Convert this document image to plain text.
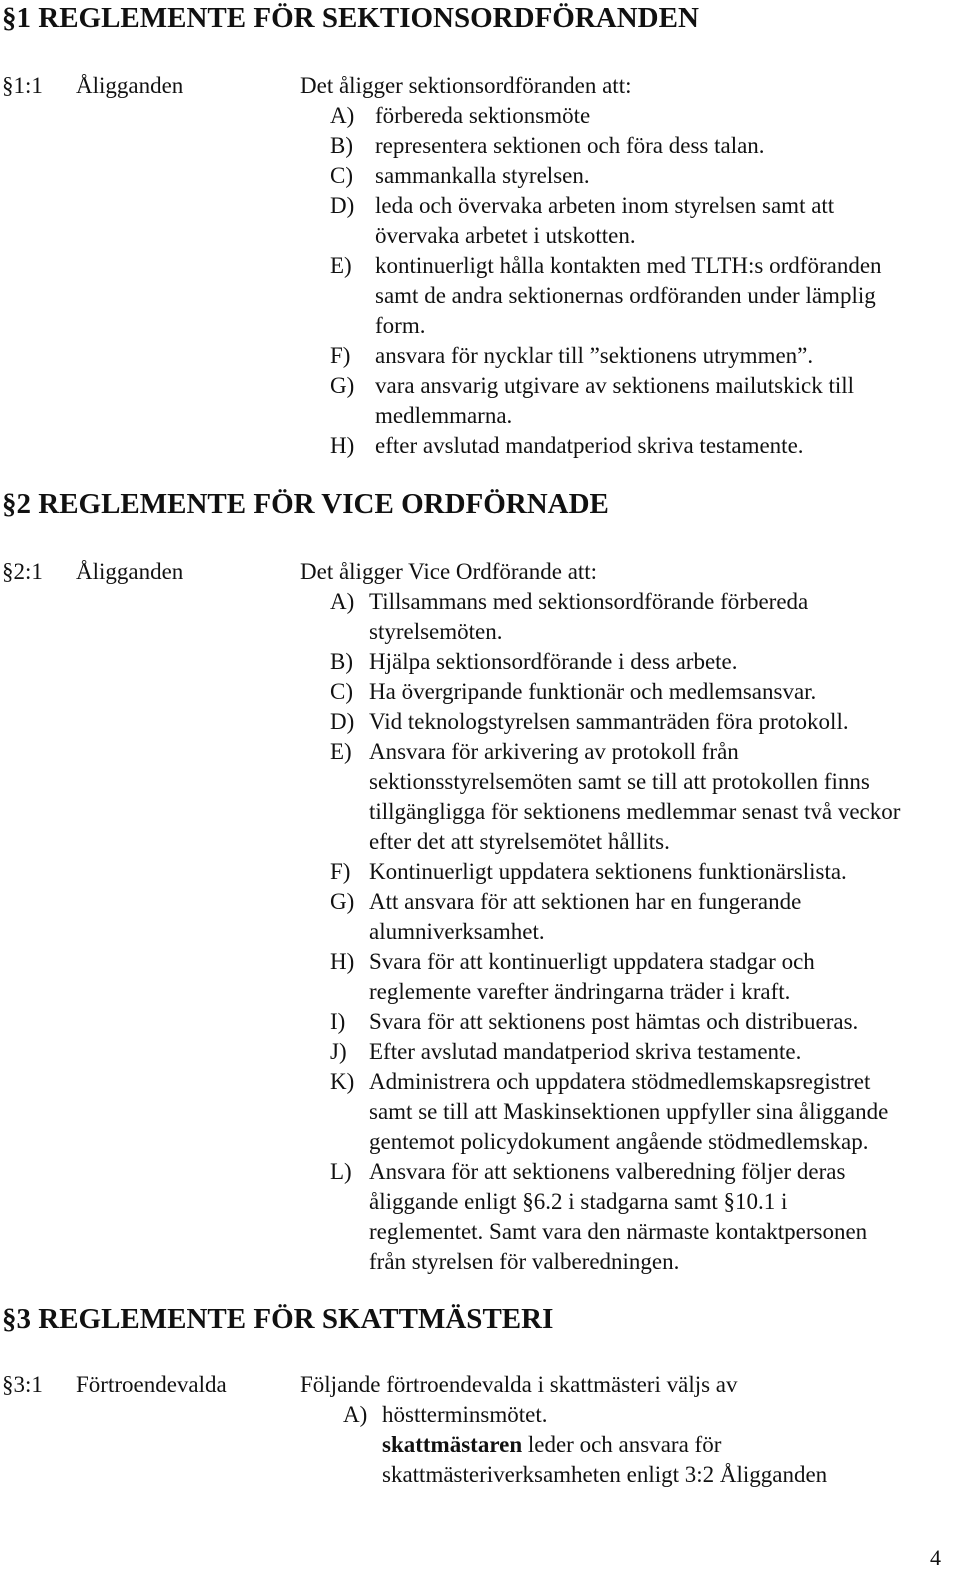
§1 REGLEMENTE FÖR SEKTIONSORDFÖRANDEN
§1:1 Åligganden	Det åligger sektionsordföranden att:
A) förbereda sektionsmöte
B) representera sektionen och föra dess talan.
C) sammankalla styrelsen.
D) leda och övervaka arbeten inom styrelsen samt att
övervaka arbetet i utskotten.
E) kontinuerligt hålla kontakten med TLTH:s ordföranden
samt de andra sektionernas ordföranden under lämplig
form.
F) ansvara för nycklar till ”sektionens utrymmen”.
G) vara ansvarig utgivare av sektionens mailutskick till
medlemmarna.
H) efter avslutad mandatperiod skriva testamente.
§2 REGLEMENTE FÖR VICE ORDFÖRNADE
§2:1 Åligganden	Det åligger Vice Ordförande att:
A) Tillsammans med sektionsordförande förbereda
styrelsemöten.
B) Hjälpa sektionsordförande i dess arbete.
C) Ha övergripande funktionär och medlemsansvar.
D) Vid teknologstyrelsen sammanträden föra protokoll.
E) Ansvara för arkivering av protokoll från
sektionsstyrelsemöten samt se till att protokollen finns
tillgängligga för sektionens medlemmar senast två veckor
efter det att styrelsemötet hållits.
F) Kontinuerligt uppdatera sektionens funktionärslista.
G) Att ansvara för att sektionen har en fungerande
alumniverksamhet.
H) Svara för att kontinuerligt uppdatera stadgar och
reglemente varefter ändringarna träder i kraft.
I) Svara för att sektionens post hämtas och distribueras.
J) Efter avslutad mandatperiod skriva testamente.
K) Administrera och uppdatera stödmedlemskapsregistret
samt se till att Maskinsektionen uppfyller sina åliggande
gentemot policydokument angående stödmedlemskap.
L) Ansvara för att sektionens valberedning följer deras
åliggande enligt §6.2 i stadgarna samt §10.1 i
reglementet. Samt vara den närmaste kontaktpersonen
från styrelsen för valberedningen.
§3 REGLEMENTE FÖR SKATTMÄSTERI
§3:1 Förtroendevalda	Följande förtroendevalda i skattmästeri väljs av
A) höstterminsmötet.
skattmästaren leder och ansvara för
skattmästeriverksamheten enligt 3:2 Åligganden
4
